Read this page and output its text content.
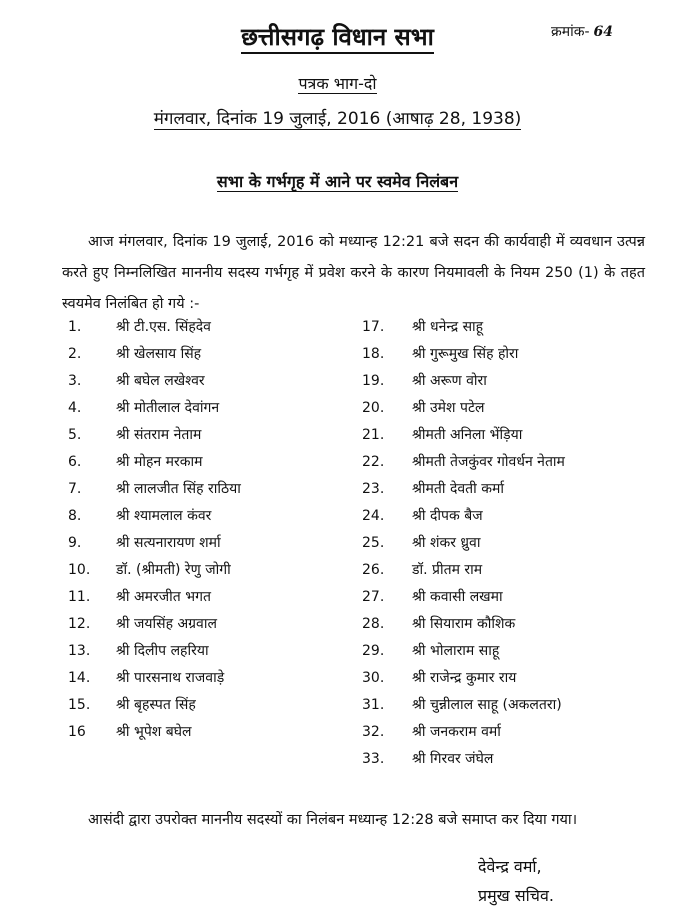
क्रमांक- 64
छत्तीसगढ़ विधान सभा
पत्रक भाग-दो
मंगलवार, दिनांक 19 जुलाई, 2016 (आषाढ़ 28, 1938)
सभा के गर्भगृह में आने पर स्वमेव निलंबन

आज मंगलवार, दिनांक 19 जुलाई, 2016 को मध्यान्ह 12:21 बजे सदन की कार्यवाही में व्यवधान उत्पन्न करते हुए निम्नलिखित माननीय सदस्य गर्भगृह में प्रवेश करने के कारण नियमावली के नियम 250 (1) के तहत स्वयमेव निलंबित हो गये :-

1. श्री टी.एस. सिंहदेव
2. श्री खेलसाय सिंह
3. श्री बघेल लखेश्वर
4. श्री मोतीलाल देवांगन
5. श्री संतराम नेताम
6. श्री मोहन मरकाम
7. श्री लालजीत सिंह राठिया
8. श्री श्यामलाल कंवर
9. श्री सत्यनारायण शर्मा
10. डॉ. (श्रीमती) रेणु जोगी
11. श्री अमरजीत भगत
12. श्री जयसिंह अग्रवाल
13. श्री दिलीप लहरिया
14. श्री पारसनाथ राजवाड़े
15. श्री बृहस्पत सिंह
16 श्री भूपेश बघेल
17. श्री धनेन्द्र साहू
18. श्री गुरूमुख सिंह होरा
19. श्री अरूण वोरा
20. श्री उमेश पटेल
21. श्रीमती अनिला भेंड़िया
22. श्रीमती तेजकुंवर गोवर्धन नेताम
23. श्रीमती देवती कर्मा
24. श्री दीपक बैज
25. श्री शंकर ध्रुवा
26. डॉ. प्रीतम राम
27. श्री कवासी लखमा
28. श्री सियाराम कौशिक
29. श्री भोलाराम साहू
30. श्री राजेन्द्र कुमार राय
31. श्री चुन्नीलाल साहू (अकलतरा)
32. श्री जनकराम वर्मा
33. श्री गिरवर जंघेल

आसंदी द्वारा उपरोक्त माननीय सदस्यों का निलंबन मध्यान्ह 12:28 बजे समाप्त कर दिया गया।

देवेन्द्र वर्मा,
प्रमुख सचिव.
